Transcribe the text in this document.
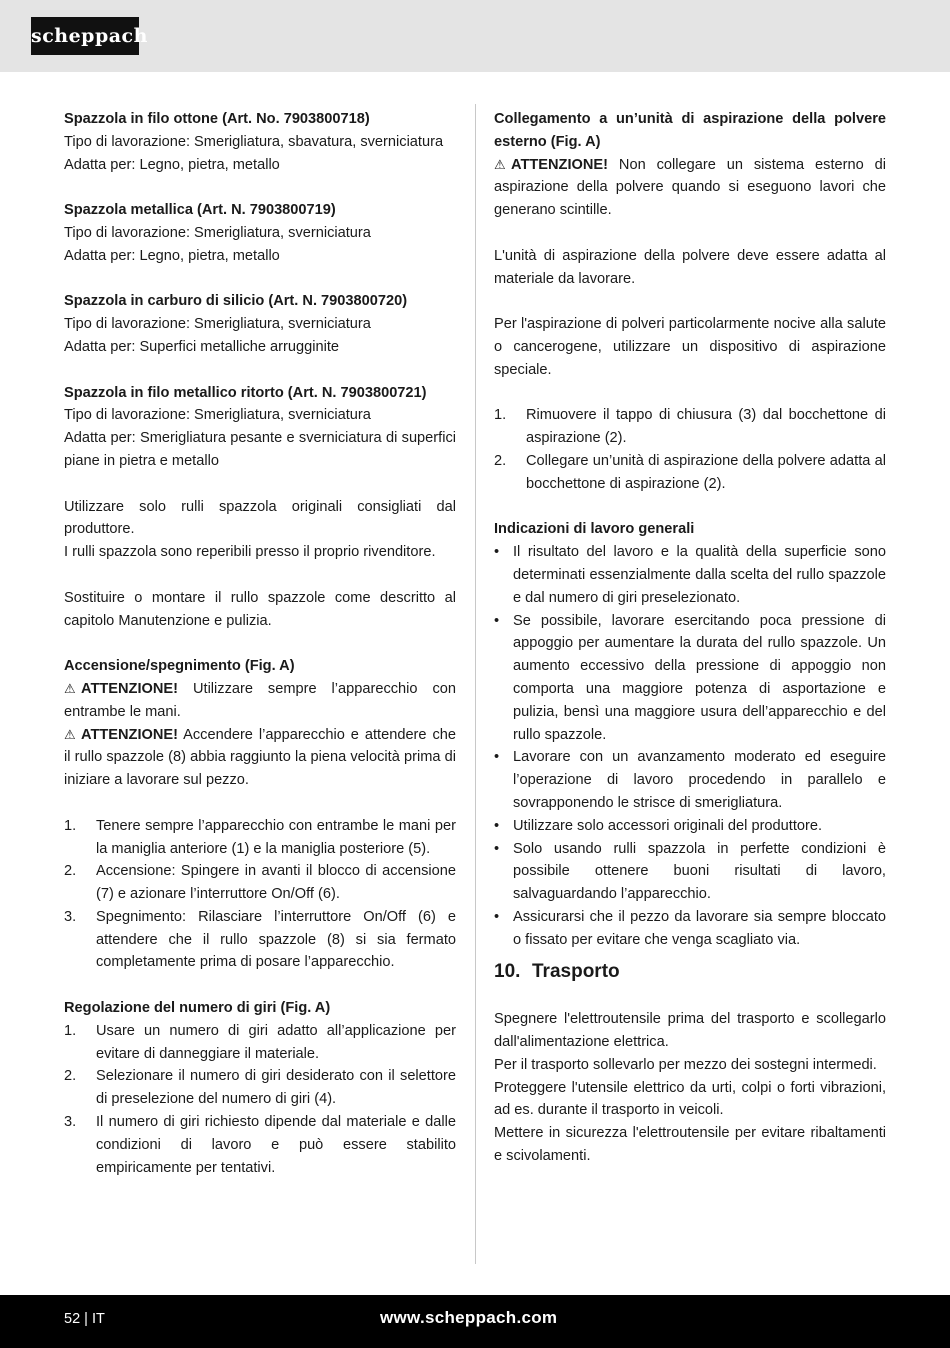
scheppach

Spazzola in filo ottone (Art. No. 7903800718)

Tipo di lavorazione: Smerigliatura, sbavatura, sverniciatura

Adatta per: Legno, pietra, metallo

Spazzola metallica (Art. N. 7903800719)

Tipo di lavorazione: Smerigliatura, sverniciatura

Adatta per: Legno, pietra, metallo

Spazzola in carburo di silicio (Art. N. 7903800720)

Tipo di lavorazione: Smerigliatura, sverniciatura

Adatta per: Superfici metalliche arrugginite

Spazzola in filo metallico ritorto (Art. N. 7903800721)

Tipo di lavorazione: Smerigliatura, sverniciatura

Adatta per: Smerigliatura pesante e sverniciatura di superfici piane in pietra e metallo

Utilizzare solo rulli spazzola originali consigliati dal produttore.

I rulli spazzola sono reperibili presso il proprio rivenditore.

Sostituire o montare il rullo spazzole come descritto al capitolo Manutenzione e pulizia.

Accensione/spegnimento (Fig. A)

⚠ ATTENZIONE! Utilizzare sempre l’apparecchio con entrambe le mani.

⚠ ATTENZIONE! Accendere l’apparecchio e attendere che il rullo spazzole (8) abbia raggiunto la piena velocità prima di iniziare a lavorare sul pezzo.

1. Tenere sempre l’apparecchio con entrambe le mani per la maniglia anteriore (1) e la maniglia posteriore (5).
2. Accensione: Spingere in avanti il blocco di accensione (7) e azionare l’interruttore On/Off (6).
3. Spegnimento: Rilasciare l’interruttore On/Off (6) e attendere che il rullo spazzole (8) si sia fermato completamente prima di posare l’apparecchio.

Regolazione del numero di giri (Fig. A)

1. Usare un numero di giri adatto all’applicazione per evitare di danneggiare il materiale.
2. Selezionare il numero di giri desiderato con il selettore di preselezione del numero di giri (4).
3. Il numero di giri richiesto dipende dal materiale e dalle condizioni di lavoro e può essere stabilito empiricamente per tentativi.

Collegamento a un’unità di aspirazione della polvere esterno (Fig. A)

⚠ ATTENZIONE! Non collegare un sistema esterno di aspirazione della polvere quando si eseguono lavori che generano scintille.

L'unità di aspirazione della polvere deve essere adatta al materiale da lavorare.

Per l'aspirazione di polveri particolarmente nocive alla salute o cancerogene, utilizzare un dispositivo di aspirazione speciale.

1. Rimuovere il tappo di chiusura (3) dal bocchettone di aspirazione (2).
2. Collegare un’unità di aspirazione della polvere adatta al bocchettone di aspirazione (2).

Indicazioni di lavoro generali

• Il risultato del lavoro e la qualità della superficie sono determinati essenzialmente dalla scelta del rullo spazzole e dal numero di giri preselezionato.
• Se possibile, lavorare esercitando poca pressione di appoggio per aumentare la durata del rullo spazzole. Un aumento eccessivo della pressione di appoggio non comporta una maggiore potenza di asportazione e pulizia, bensì una maggiore usura dell’apparecchio e del rullo spazzole.
• Lavorare con un avanzamento moderato ed eseguire l’operazione di lavoro procedendo in parallelo e sovrapponendo le strisce di smerigliatura.
• Utilizzare solo accessori originali del produttore.
• Solo usando rulli spazzola in perfette condizioni è possibile ottenere buoni risultati di lavoro, salvaguardando l’apparecchio.
• Assicurarsi che il pezzo da lavorare sia sempre bloccato o fissato per evitare che venga scagliato via.
10. Trasporto

Spegnere l'elettroutensile prima del trasporto e scollegarlo dall'alimentazione elettrica.

Per il trasporto sollevarlo per mezzo dei sostegni intermedi.

Proteggere l'utensile elettrico da urti, colpi o forti vibrazioni, ad es. durante il trasporto in veicoli.

Mettere in sicurezza l'elettroutensile per evitare ribaltamenti e scivolamenti.

52 | IT	www.scheppach.com
